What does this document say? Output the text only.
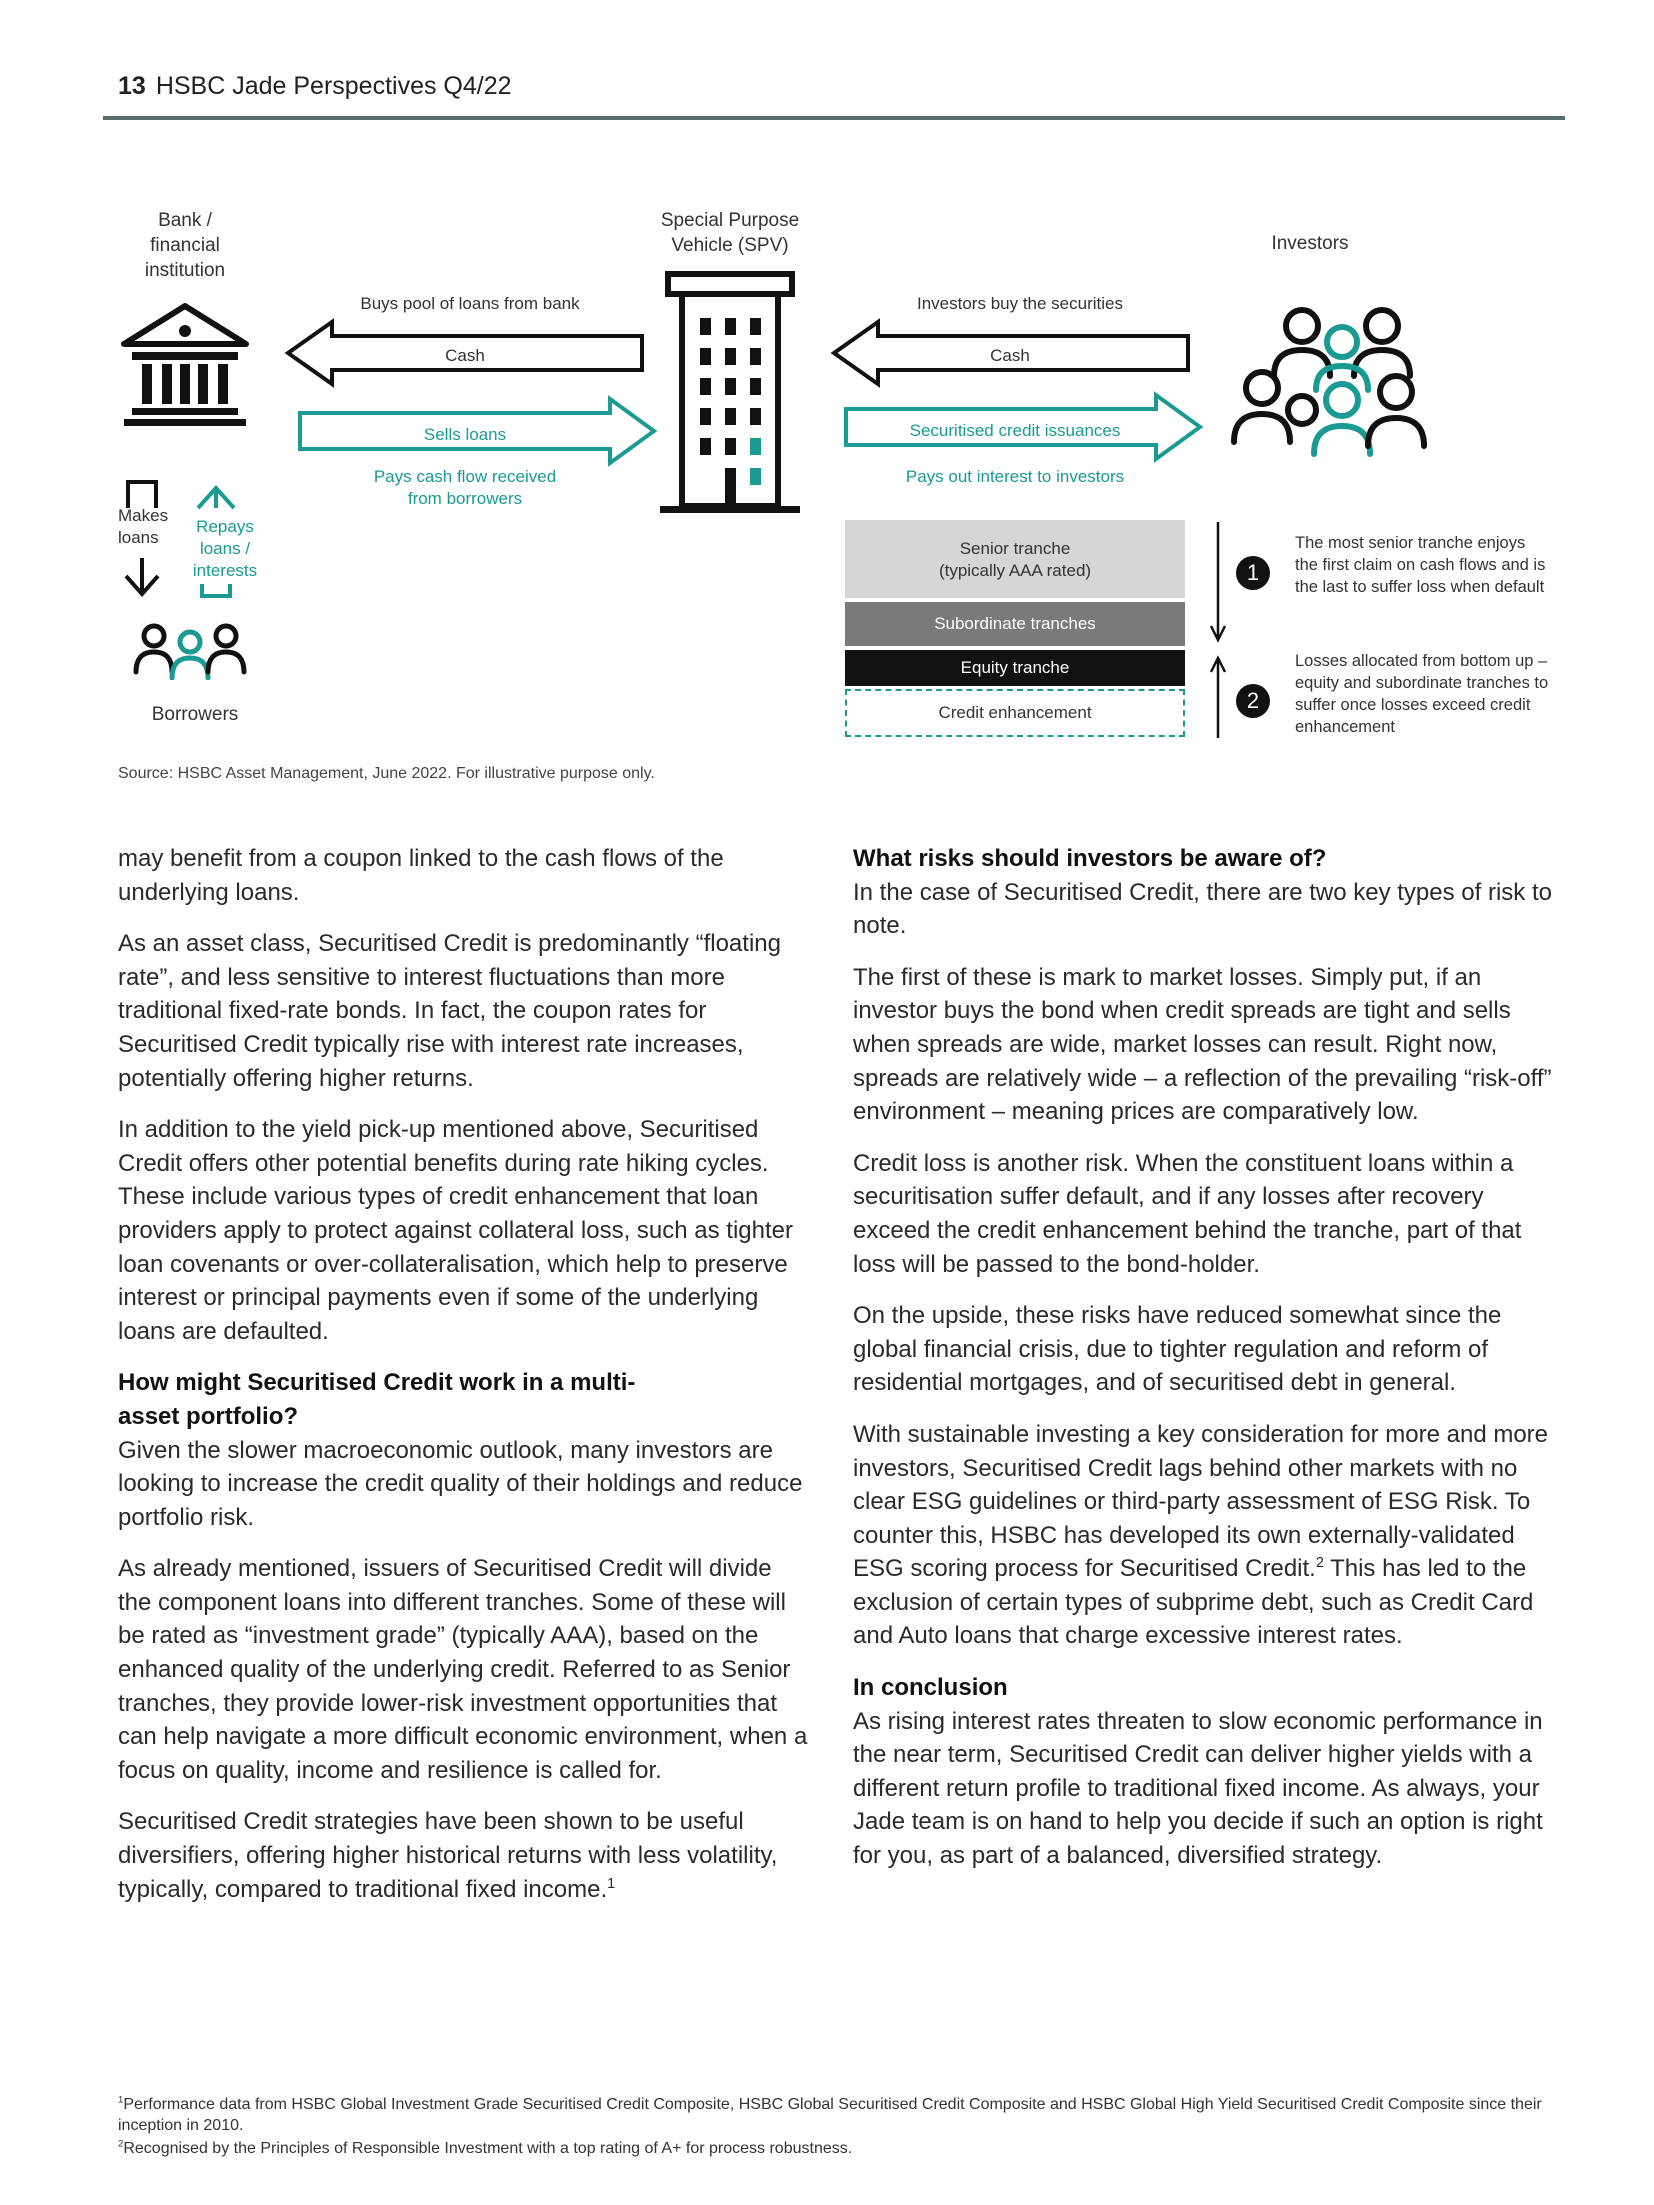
13 HSBC Jade Perspectives Q4/22
Bank /
financial
institution
Special Purpose
Vehicle (SPV)	Investors
Buys pool of loans from bank
Cash
Sells loans
Pays cash flow received
from borrowers
Investors buy the securities
Cash
Securitised credit issuances
Pays out interest to investors
Makes
loans
Repays
loans /
interests
Borrowers
Senior tranche
(typically AAA rated)
Subordinate tranches
Equity tranche
Credit enhancement
1
2
The most senior tranche enjoys the first claim on cash flows and is the last to suffer loss when default
Losses allocated from bottom up – equity and subordinate tranches to suffer once losses exceed credit enhancement
Source: HSBC Asset Management, June 2022. For illustrative purpose only.

may benefit from a coupon linked to the cash flows of the underlying loans.

As an asset class, Securitised Credit is predominantly “floating rate”, and less sensitive to interest fluctuations than more traditional fixed-rate bonds. In fact, the coupon rates for Securitised Credit typically rise with interest rate increases, potentially offering higher returns.

In addition to the yield pick-up mentioned above, Securitised Credit offers other potential benefits during rate hiking cycles. These include various types of credit enhancement that loan providers apply to protect against collateral loss, such as tighter loan covenants or over-collateralisation, which help to preserve interest or principal payments even if some of the underlying loans are defaulted.

How might Securitised Credit work in a multi-asset portfolio?

Given the slower macroeconomic outlook, many investors are looking to increase the credit quality of their holdings and reduce portfolio risk.

As already mentioned, issuers of Securitised Credit will divide the component loans into different tranches. Some of these will be rated as “investment grade” (typically AAA), based on the enhanced quality of the underlying credit. Referred to as Senior tranches, they provide lower-risk investment opportunities that can help navigate a more difficult economic environment, when a focus on quality, income and resilience is called for.

Securitised Credit strategies have been shown to be useful diversifiers, offering higher historical returns with less volatility, typically, compared to traditional fixed income.$^1$

What risks should investors be aware of?

In the case of Securitised Credit, there are two key types of risk to note.

The first of these is mark to market losses. Simply put, if an investor buys the bond when credit spreads are tight and sells when spreads are wide, market losses can result. Right now, spreads are relatively wide – a reflection of the prevailing “risk-off” environment – meaning prices are comparatively low.

Credit loss is another risk. When the constituent loans within a securitisation suffer default, and if any losses after recovery exceed the credit enhancement behind the tranche, part of that loss will be passed to the bond-holder.

On the upside, these risks have reduced somewhat since the global financial crisis, due to tighter regulation and reform of residential mortgages, and of securitised debt in general.

With sustainable investing a key consideration for more and more investors, Securitised Credit lags behind other markets with no clear ESG guidelines or third-party assessment of ESG Risk. To counter this, HSBC has developed its own externally-validated ESG scoring process for Securitised Credit.$^2$ This has led to the exclusion of certain types of subprime debt, such as Credit Card and Auto loans that charge excessive interest rates.

In conclusion

As rising interest rates threaten to slow economic performance in the near term, Securitised Credit can deliver higher yields with a different return profile to traditional fixed income. As always, your Jade team is on hand to help you decide if such an option is right for you, as part of a balanced, diversified strategy.

$^1$Performance data from HSBC Global Investment Grade Securitised Credit Composite, HSBC Global Securitised Credit Composite and HSBC Global High Yield Securitised Credit Composite since their inception in 2010.
$^2$Recognised by the Principles of Responsible Investment with a top rating of A+ for process robustness.
